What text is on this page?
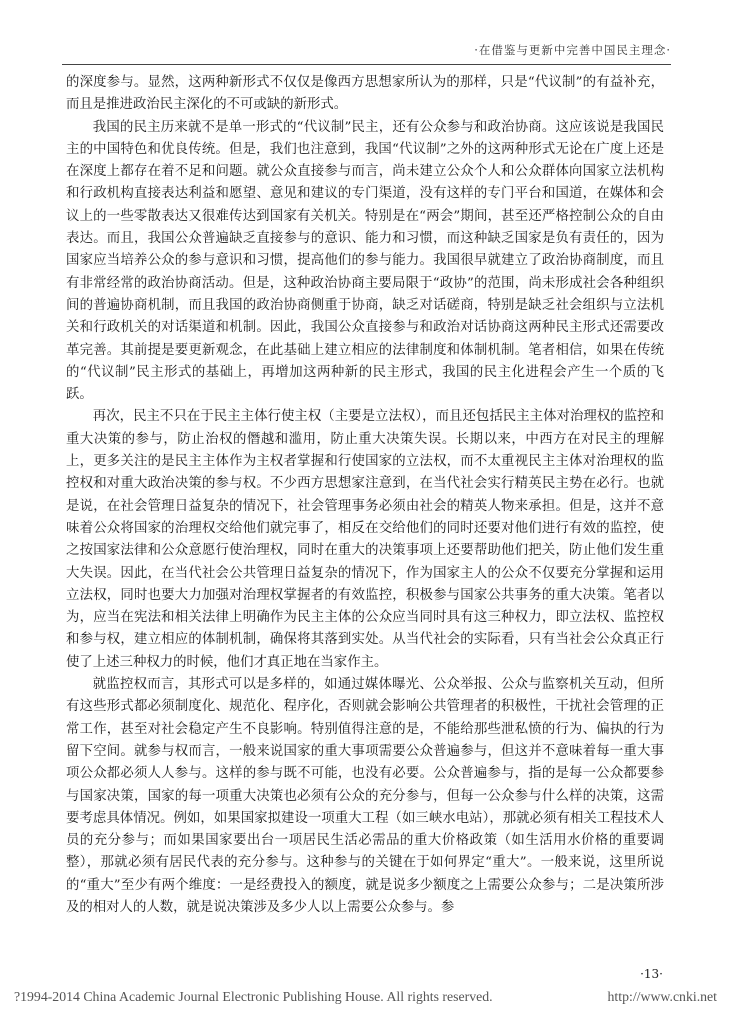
·在借鉴与更新中完善中国民主理念·

的深度参与。显然，这两种新形式不仅仅是像西方思想家所认为的那样，只是“代议制”的有益补充，而且是推进政治民主深化的不可或缺的新形式。

我国的民主历来就不是单一形式的“代议制”民主，还有公众参与和政治协商。这应该说是我国民主的中国特色和优良传统。但是，我们也注意到，我国“代议制”之外的这两种形式无论在广度上还是在深度上都存在着不足和问题。就公众直接参与而言，尚未建立公众个人和公众群体向国家立法机构和行政机构直接表达利益和愿望、意见和建议的专门渠道，没有这样的专门平台和国道，在媒体和会议上的一些零散表达又很难传达到国家有关机关。特别是在“两会”期间，甚至还严格控制公众的自由表达。而且，我国公众普遍缺乏直接参与的意识、能力和习惯，而这种缺乏国家是负有责任的，因为国家应当培养公众的参与意识和习惯，提高他们的参与能力。我国很早就建立了政治协商制度，而且有非常经常的政治协商活动。但是，这种政治协商主要局限于“政协”的范围，尚未形成社会各种组织间的普遍协商机制，而且我国的政治协商侧重于协商，缺乏对话磋商，特别是缺乏社会组织与立法机关和行政机关的对话渠道和机制。因此，我国公众直接参与和政治对话协商这两种民主形式还需要改革完善。其前提是要更新观念，在此基础上建立相应的法律制度和体制机制。笔者相信，如果在传统的“代议制”民主形式的基础上，再增加这两种新的民主形式，我国的民主化进程会产生一个质的飞跃。

再次，民主不只在于民主主体行使主权（主要是立法权），而且还包括民主主体对治理权的监控和重大决策的参与，防止治权的僭越和滥用，防止重大决策失误。长期以来，中西方在对民主的理解上，更多关注的是民主主体作为主权者掌握和行使国家的立法权，而不太重视民主主体对治理权的监控权和对重大政治决策的参与权。不少西方思想家注意到，在当代社会实行精英民主势在必行。也就是说，在社会管理日益复杂的情况下，社会管理事务必须由社会的精英人物来承担。但是，这并不意味着公众将国家的治理权交给他们就完事了，相反在交给他们的同时还要对他们进行有效的监控，使之按国家法律和公众意愿行使治理权，同时在重大的决策事项上还要帮助他们把关，防止他们发生重大失误。因此，在当代社会公共管理日益复杂的情况下，作为国家主人的公众不仅要充分掌握和运用立法权，同时也要大力加强对治理权掌握者的有效监控，积极参与国家公共事务的重大决策。笔者以为，应当在宪法和相关法律上明确作为民主主体的公众应当同时具有这三种权力，即立法权、监控权和参与权，建立相应的体制机制，确保将其落到实处。从当代社会的实际看，只有当社会公众真正行使了上述三种权力的时候，他们才真正地在当家作主。

就监控权而言，其形式可以是多样的，如通过媒体曝光、公众举报、公众与监察机关互动，但所有这些形式都必须制度化、规范化、程序化，否则就会影响公共管理者的积极性，干扰社会管理的正常工作，甚至对社会稳定产生不良影响。特别值得注意的是，不能给那些泄私愤的行为、偏执的行为留下空间。就参与权而言，一般来说国家的重大事项需要公众普遍参与，但这并不意味着每一重大事项公众都必须人人参与。这样的参与既不可能，也没有必要。公众普遍参与，指的是每一公众都要参与国家决策，国家的每一项重大决策也必须有公众的充分参与，但每一公众参与什么样的决策，这需要考虑具体情况。例如，如果国家拟建设一项重大工程（如三峡水电站），那就必须有相关工程技术人员的充分参与；而如果国家要出台一项居民生活必需品的重大价格政策（如生活用水价格的重要调整），那就必须有居民代表的充分参与。这种参与的关键在于如何界定“重大”。一般来说，这里所说的“重大”至少有两个维度：一是经费投入的额度，就是说多少额度之上需要公众参与；二是决策所涉及的相对人的人数，就是说决策涉及多少人以上需要公众参与。参

·13·
?1994-2014 China Academic Journal Electronic Publishing House. All rights reserved.	http://www.cnki.net
